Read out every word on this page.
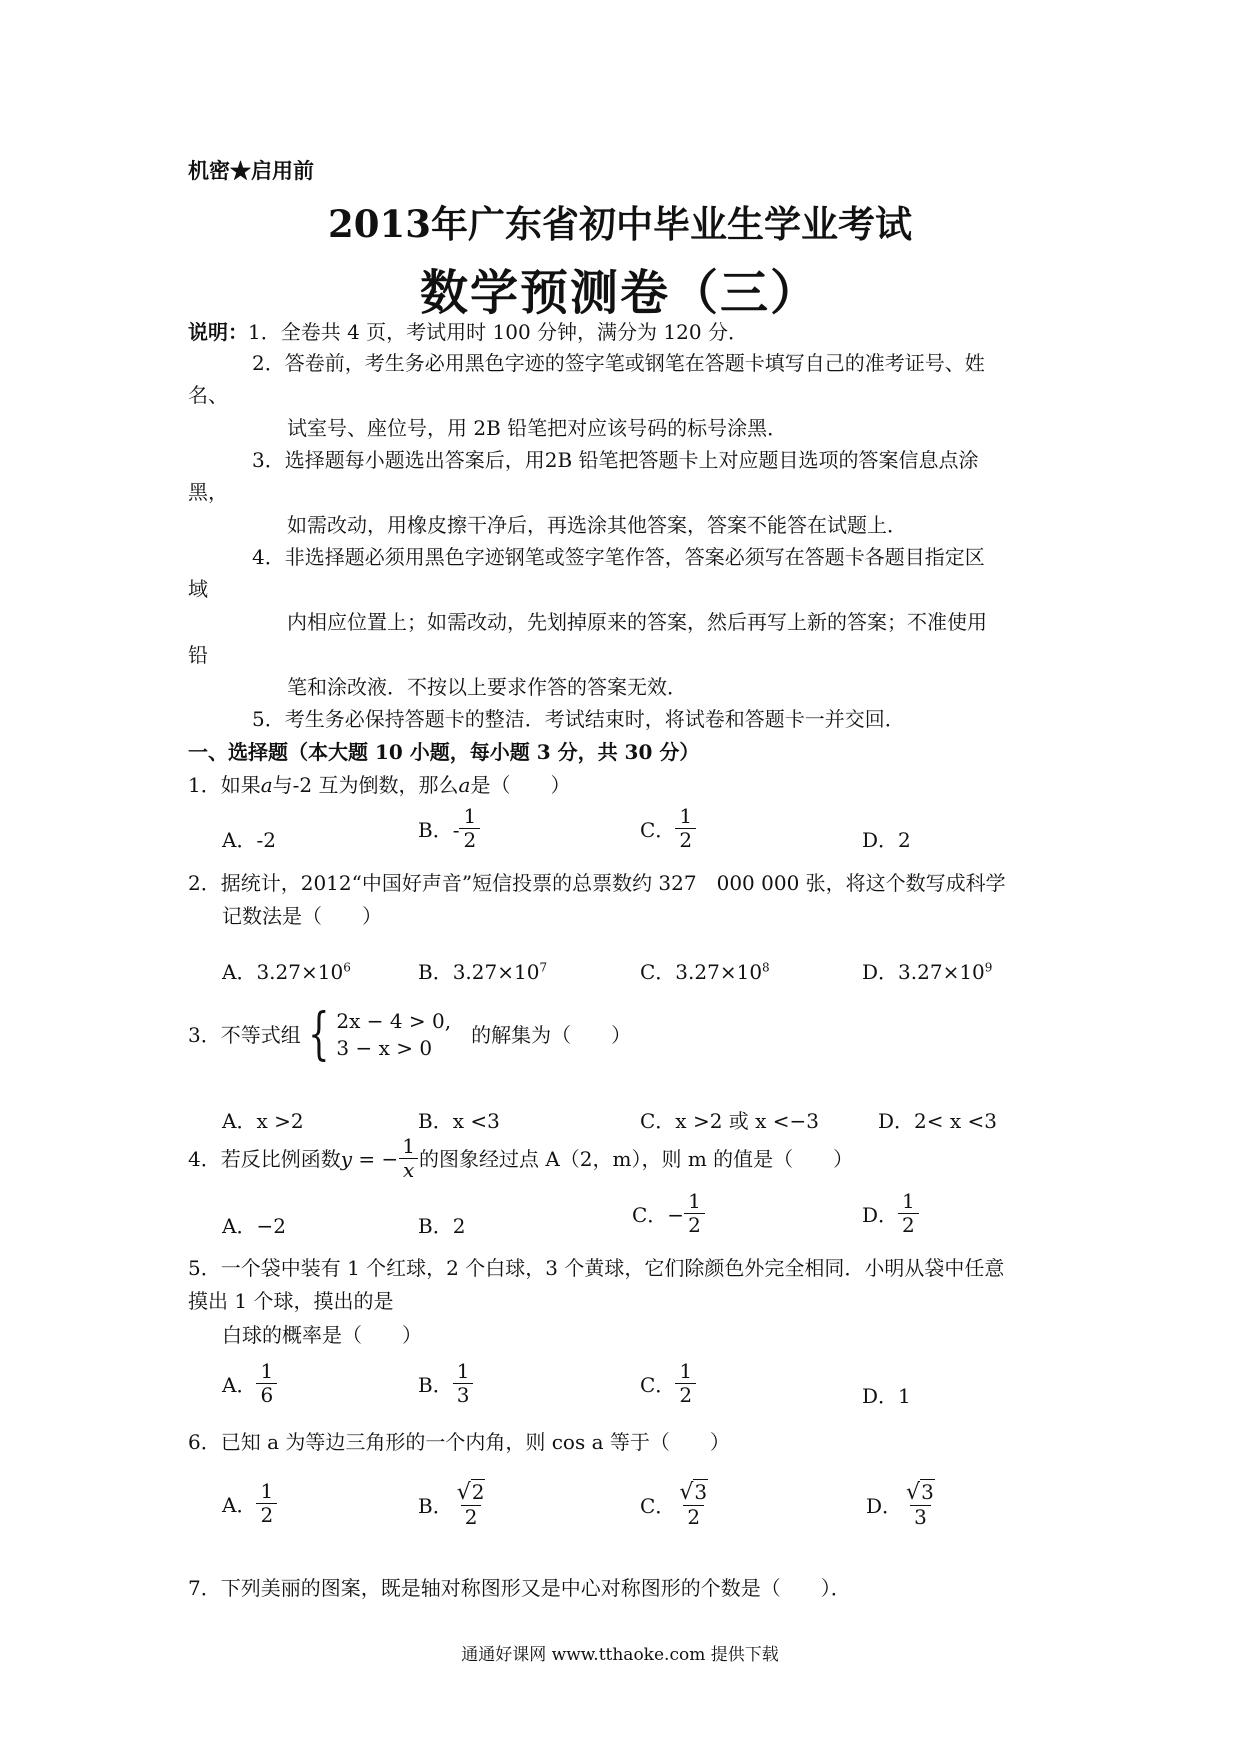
机密★启用前
2013年广东省初中毕业生学业考试
数学预测卷（三）
说明：1．全卷共 4 页，考试用时 100 分钟，满分为 120 分．
2．答卷前，考生务必用黑色字迹的签字笔或钢笔在答题卡填写自己的准考证号、姓
名、
试室号、座位号，用 2B 铅笔把对应该号码的标号涂黑．
3．选择题每小题选出答案后，用2B 铅笔把答题卡上对应题目选项的答案信息点涂
黑，
如需改动，用橡皮擦干净后，再选涂其他答案，答案不能答在试题上．
4．非选择题必须用黑色字迹钢笔或签字笔作答，答案必须写在答题卡各题目指定区
域
内相应位置上；如需改动，先划掉原来的答案，然后再写上新的答案；不准使用
铅
笔和涂改液．不按以上要求作答的答案无效．
5．考生务必保持答题卡的整洁．考试结束时，将试卷和答题卡一并交回．
一、选择题（本大题 10 小题，每小题 3 分，共 30 分）
1．如果a与-2 互为倒数，那么a是（　　）
A．-2	B．- $\frac{1}{2}$	C． $\frac{1}{2}$	D．2
2．据统计，2012“中国好声音”短信投票的总票数约 327　000 000 张，将这个数写成科学
记数法是（　　）
A．$3.27\times 10^6$	B．$3.27\times 10^7$	C．$3.27\times 10^8$	D．$3.27\times 10^9$
3．不等式组 { 2x − 4 > 0,
3 − x > 0
的解集为（　　）
A．x >2	B．x <3	C．x >2 或 x <−3	D．2< x <3
4．若反比例函数 y = − $\frac{1}{x}$ 的图象经过点 A（2，m），则 m 的值是（　　）
A．−2	B．2	C．− $\frac{1}{2}$	D． $\frac{1}{2}$
5．一个袋中装有 1 个红球，2 个白球，3 个黄球，它们除颜色外完全相同．小明从袋中任意
摸出 1 个球，摸出的是
白球的概率是（　　）
A． $\frac{1}{6}$	B． $\frac{1}{3}$	C． $\frac{1}{2}$	D．1
6．已知 a 为等边三角形的一个内角，则 cos a 等于（　　）
A． $\frac{1}{2}$	B． $\frac{√2}{2}$	C． $\frac{√3}{2}$	D． $\frac{√3}{3}$
7．下列美丽的图案，既是轴对称图形又是中心对称图形的个数是（　　）．
通通好课网 www.tthaoke.com 提供下载
